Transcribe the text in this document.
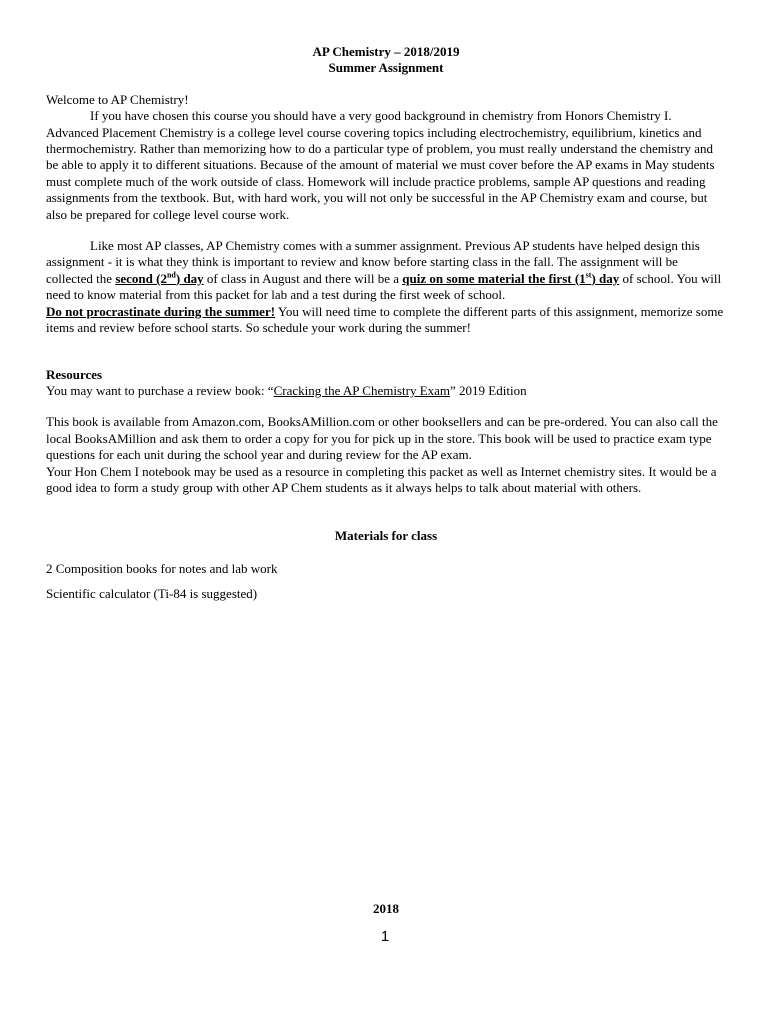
AP Chemistry – 2018/2019
Summer Assignment

Welcome to AP Chemistry!

If you have chosen this course you should have a very good background in chemistry from Honors Chemistry I. Advanced Placement Chemistry is a college level course covering topics including electrochemistry, equilibrium, kinetics and thermochemistry. Rather than memorizing how to do a particular type of problem, you must really understand the chemistry and be able to apply it to different situations. Because of the amount of material we must cover before the AP exams in May students must complete much of the work outside of class. Homework will include practice problems, sample AP questions and reading assignments from the textbook. But, with hard work, you will not only be successful in the AP Chemistry exam and course, but also be prepared for college level course work.

Like most AP classes, AP Chemistry comes with a summer assignment. Previous AP students have helped design this assignment - it is what they think is important to review and know before starting class in the fall. The assignment will be collected the second (2nd) day of class in August and there will be a quiz on some material the first (1st) day of school. You will need to know material from this packet for lab and a test during the first week of school.

Do not procrastinate during the summer! You will need time to complete the different parts of this assignment, memorize some items and review before school starts. So schedule your work during the summer!

Resources

You may want to purchase a review book: “Cracking the AP Chemistry Exam” 2019 Edition

This book is available from Amazon.com, BooksAMillion.com or other booksellers and can be pre-ordered. You can also call the local BooksAMillion and ask them to order a copy for you for pick up in the store. This book will be used to practice exam type questions for each unit during the school year and during review for the AP exam.

Your Hon Chem I notebook may be used as a resource in completing this packet as well as Internet chemistry sites. It would be a good idea to form a study group with other AP Chem students as it always helps to talk about material with others.

Materials for class

2 Composition books for notes and lab work

Scientific calculator (Ti-84 is suggested)

2018
1
